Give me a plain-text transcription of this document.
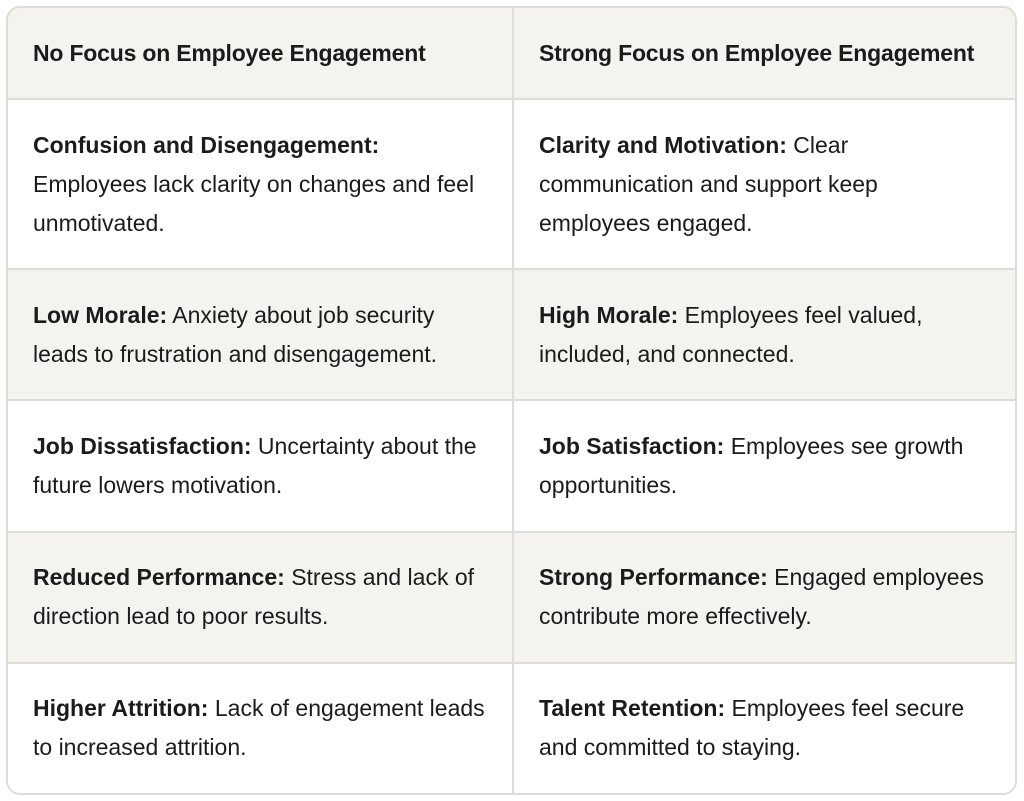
No Focus on Employee Engagement	Strong Focus on Employee Engagement
Confusion and Disengagement: Employees lack clarity on changes and feel unmotivated.	Clarity and Motivation: Clear communication and support keep employees engaged.
Low Morale: Anxiety about job security leads to frustration and disengagement.	High Morale: Employees feel valued, included, and connected.
Job Dissatisfaction: Uncertainty about the future lowers motivation.	Job Satisfaction: Employees see growth opportunities.
Reduced Performance: Stress and lack of direction lead to poor results.	Strong Performance: Engaged employees contribute more effectively.
Higher Attrition: Lack of engagement leads to increased attrition.	Talent Retention: Employees feel secure and committed to staying.
